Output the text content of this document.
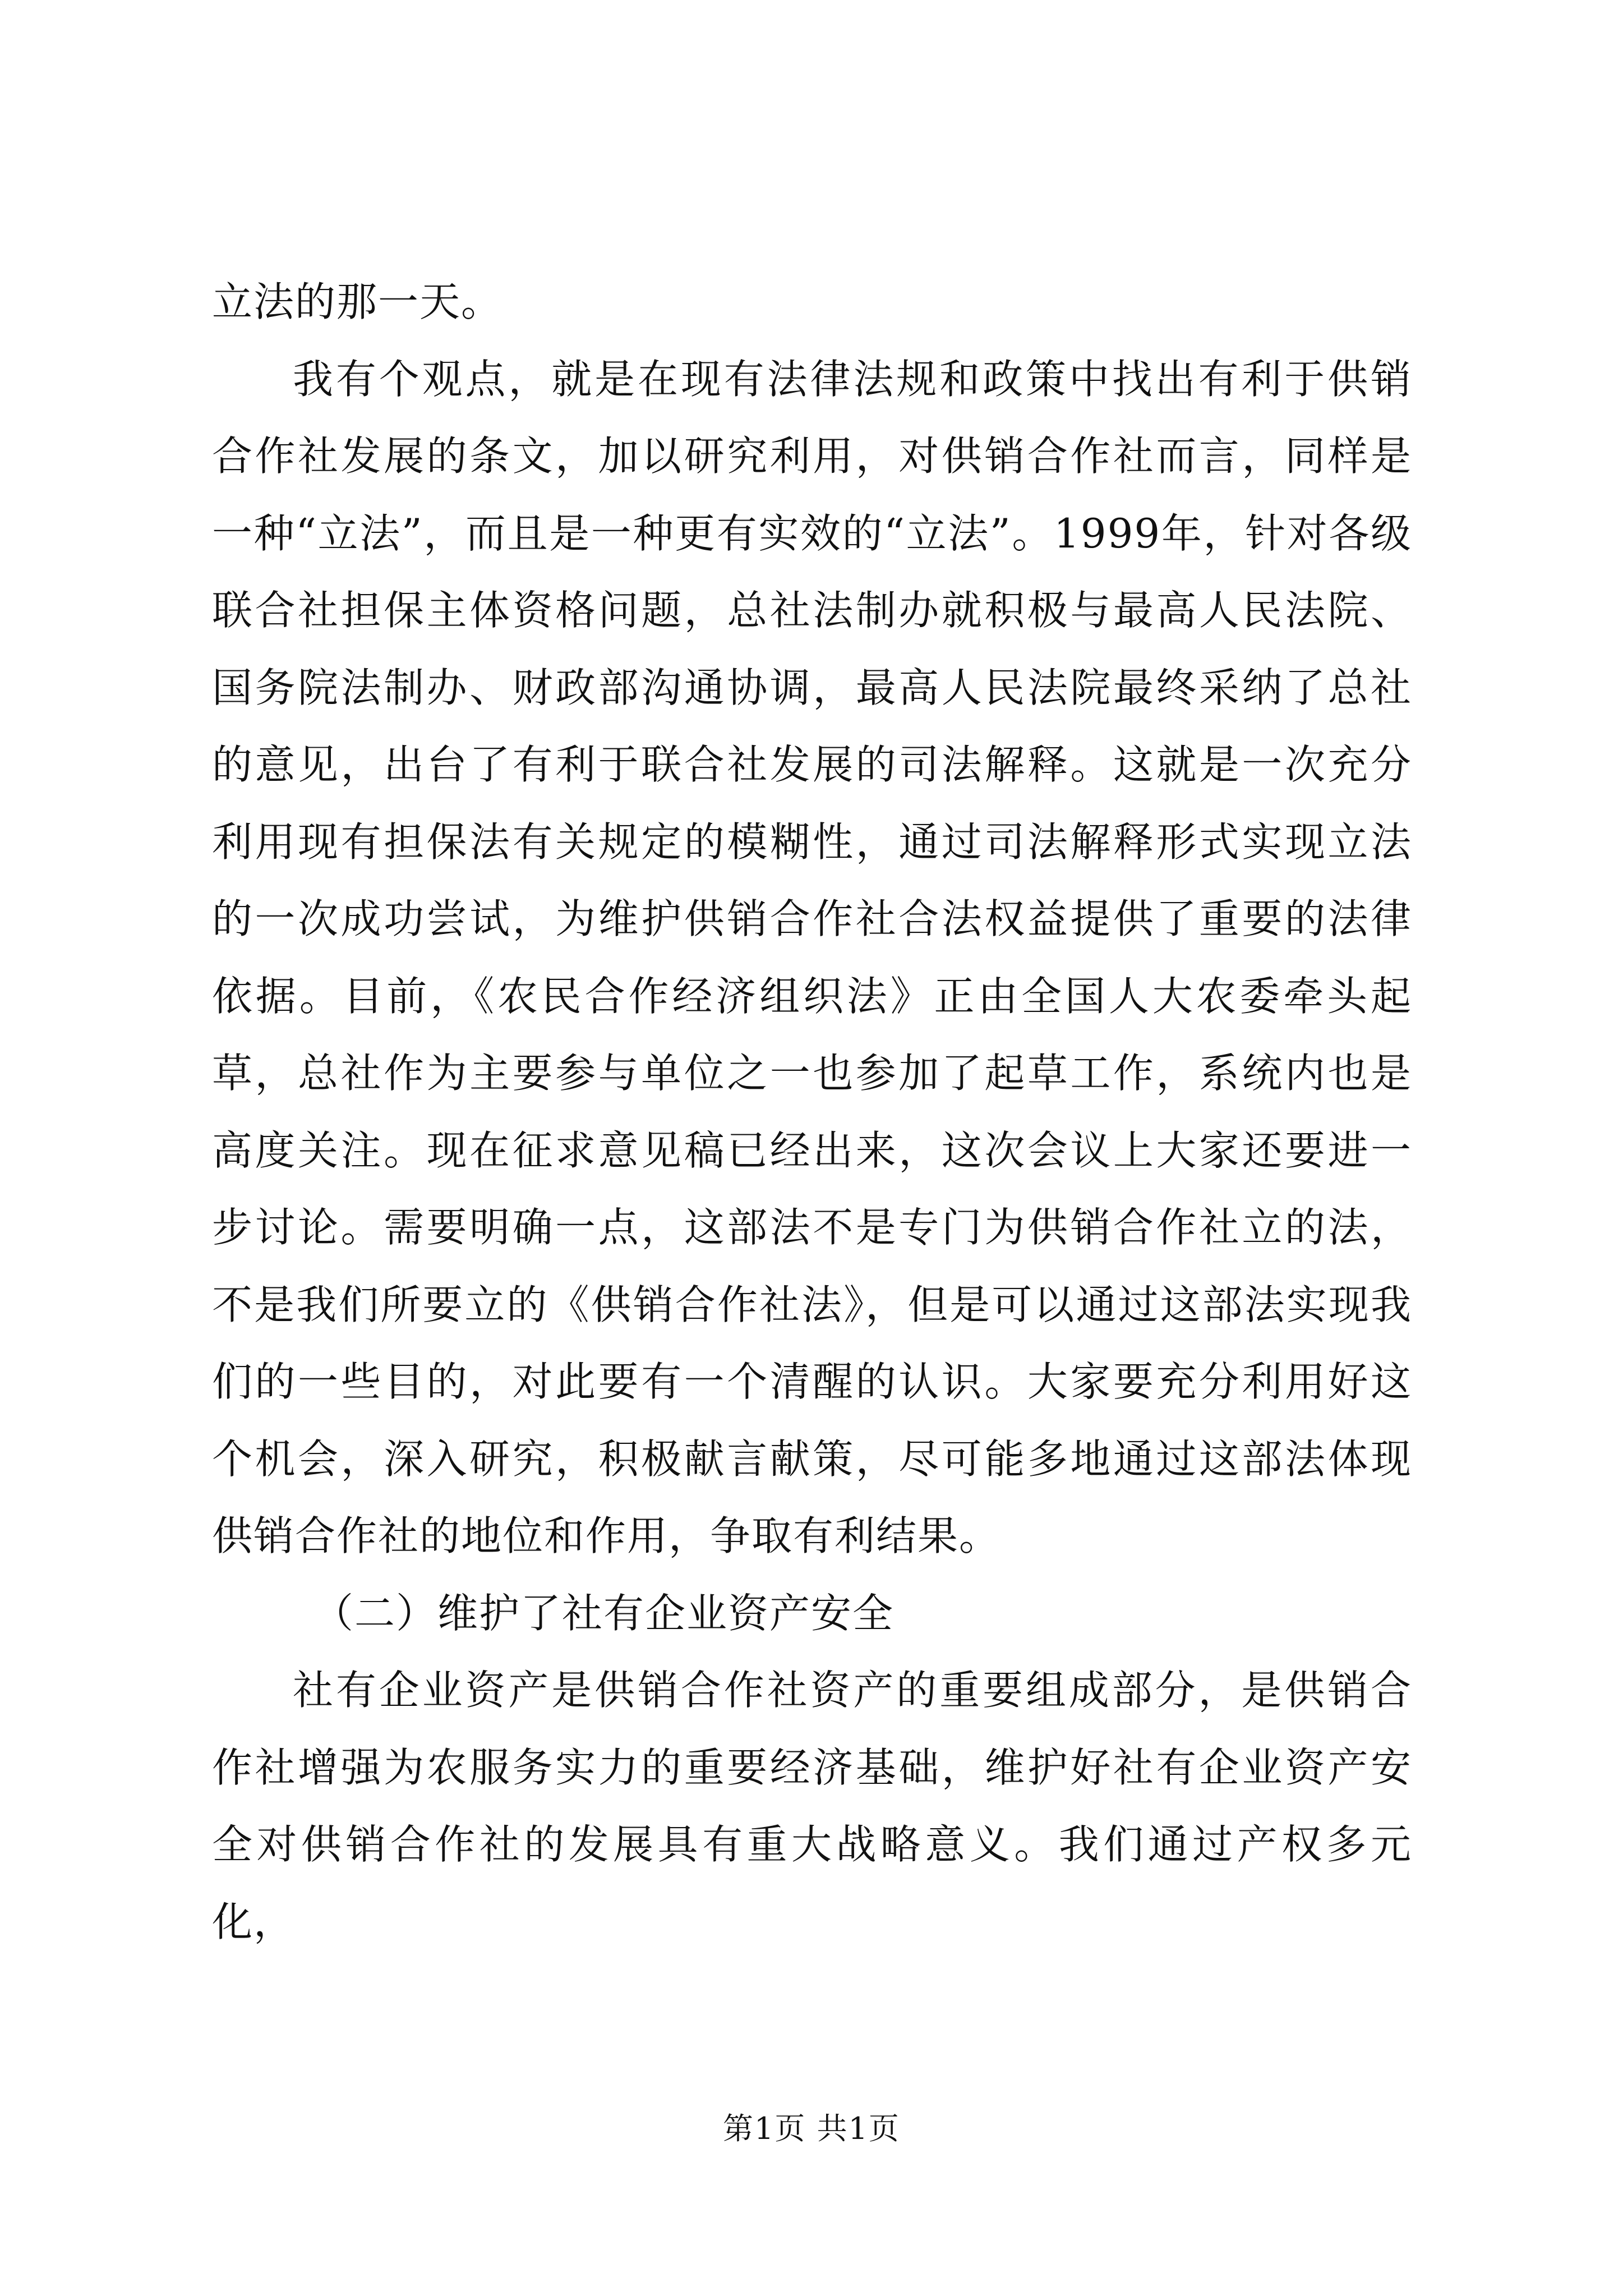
立法的那一天。

我有个观点，就是在现有法律法规和政策中找出有利于供销合作社发展的条文，加以研究利用，对供销合作社而言，同样是一种“立法”，而且是一种更有实效的“立法”。1999年，针对各级联合社担保主体资格问题，总社法制办就积极与最高人民法院、国务院法制办、财政部沟通协调，最高人民法院最终采纳了总社的意见，出台了有利于联合社发展的司法解释。这就是一次充分利用现有担保法有关规定的模糊性，通过司法解释形式实现立法的一次成功尝试，为维护供销合作社合法权益提供了重要的法律依据。目前，《农民合作经济组织法》正由全国人大农委牵头起草，总社作为主要参与单位之一也参加了起草工作，系统内也是高度关注。现在征求意见稿已经出来，这次会议上大家还要进一步讨论。需要明确一点，这部法不是专门为供销合作社立的法，不是我们所要立的《供销合作社法》，但是可以通过这部法实现我们的一些目的，对此要有一个清醒的认识。大家要充分利用好这个机会，深入研究，积极献言献策，尽可能多地通过这部法体现供销合作社的地位和作用，争取有利结果。

（二）维护了社有企业资产安全

社有企业资产是供销合作社资产的重要组成部分，是供销合作社增强为农服务实力的重要经济基础，维护好社有企业资产安全对供销合作社的发展具有重大战略意义。我们通过产权多元化，

第1页 共1页
